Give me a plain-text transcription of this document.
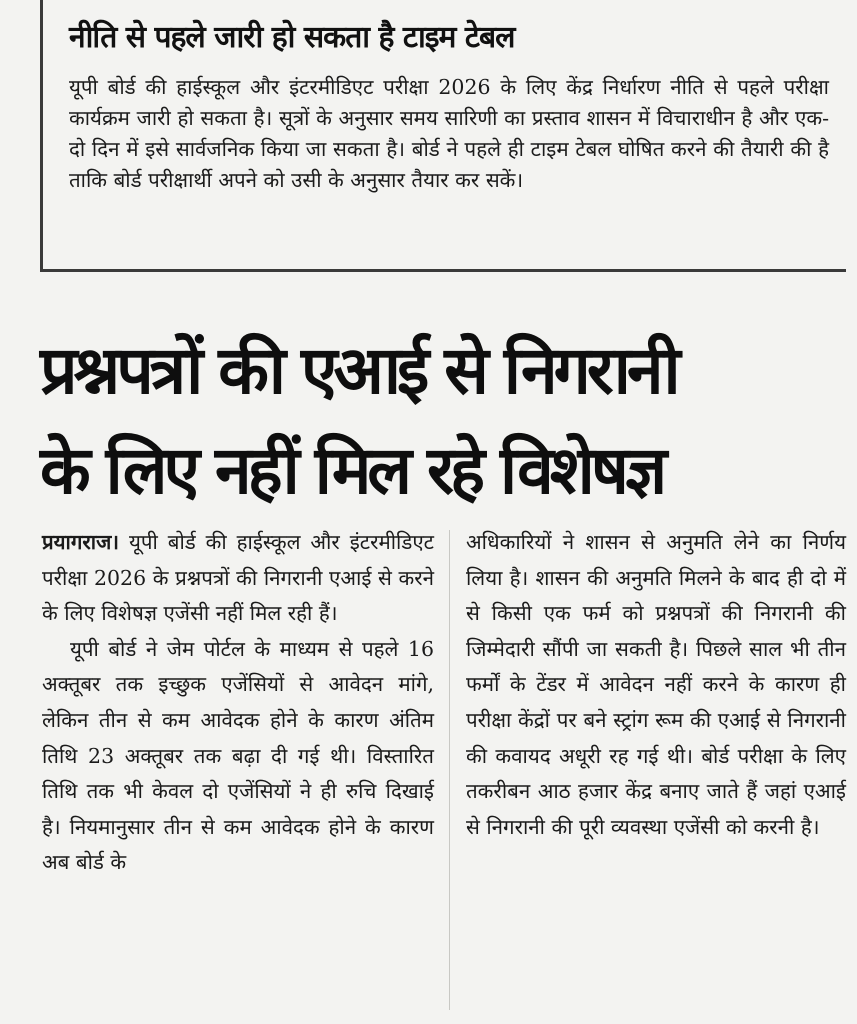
नीति से पहले जारी हो सकता है टाइम टेबल

यूपी बोर्ड की हाईस्कूल और इंटरमीडिएट परीक्षा 2026 के लिए केंद्र निर्धारण नीति से पहले परीक्षा कार्यक्रम जारी हो सकता है। सूत्रों के अनुसार समय सारिणी का प्रस्ताव शासन में विचाराधीन है और एक-दो दिन में इसे सार्वजनिक किया जा सकता है। बोर्ड ने पहले ही टाइम टेबल घोषित करने की तैयारी की है ताकि बोर्ड परीक्षार्थी अपने को उसी के अनुसार तैयार कर सकें।

प्रश्नपत्रों की एआई से निगरानी
के लिए नहीं मिल रहे विशेषज्ञ

प्रयागराज। यूपी बोर्ड की हाईस्कूल और इंटरमीडिएट परीक्षा 2026 के प्रश्नपत्रों की निगरानी एआई से करने के लिए विशेषज्ञ एजेंसी नहीं मिल रही हैं।

यूपी बोर्ड ने जेम पोर्टल के माध्यम से पहले 16 अक्तूबर तक इच्छुक एजेंसियों से आवेदन मांगे, लेकिन तीन से कम आवेदक होने के कारण अंतिम तिथि 23 अक्तूबर तक बढ़ा दी गई थी। विस्तारित तिथि तक भी केवल दो एजेंसियों ने ही रुचि दिखाई है। नियमानुसार तीन से कम आवेदक होने के कारण अब बोर्ड के

अधिकारियों ने शासन से अनुमति लेने का निर्णय लिया है। शासन की अनुमति मिलने के बाद ही दो में से किसी एक फर्म को प्रश्नपत्रों की निगरानी की जिम्मेदारी सौंपी जा सकती है। पिछले साल भी तीन फर्मों के टेंडर में आवेदन नहीं करने के कारण ही परीक्षा केंद्रों पर बने स्ट्रांग रूम की एआई से निगरानी की कवायद अधूरी रह गई थी। बोर्ड परीक्षा के लिए तकरीबन आठ हजार केंद्र बनाए जाते हैं जहां एआई से निगरानी की पूरी व्यवस्था एजेंसी को करनी है।
